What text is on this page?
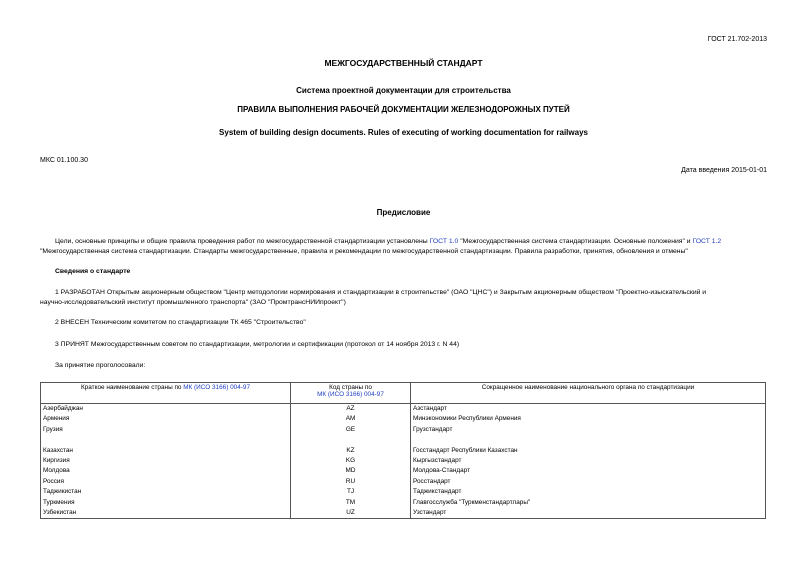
ГОСТ 21.702-2013
МЕЖГОСУДАРСТВЕННЫЙ СТАНДАРТ
Система проектной документации для строительства
ПРАВИЛА ВЫПОЛНЕНИЯ РАБОЧЕЙ ДОКУМЕНТАЦИИ ЖЕЛЕЗНОДОРОЖНЫХ ПУТЕЙ
System of building design documents. Rules of executing of working documentation for railways
МКС 01.100.30
Дата введения 2015-01-01
Предисловие
Цели, основные принципы и общие правила проведения работ по межгосударственной стандартизации установлены ГОСТ 1.0 "Межгосударственная система стандартизации. Основные положения" и ГОСТ 1.2
"Межгосударственная система стандартизации. Стандарты межгосударственные, правила и рекомендации по межгосударственной стандартизации. Правила разработки, принятия, обновления и отмены"
Сведения о стандарте
1 РАЗРАБОТАН Открытым акционерным обществом "Центр методологии нормирования и стандартизации в строительстве" (ОАО "ЦНС") и Закрытым акционерным обществом "Проектно-изыскательский и
научно-исследовательский институт промышленного транспорта" (ЗАО "ПромтрансНИИпроект")
2 ВНЕСЕН Техническим комитетом по стандартизации ТК 465 "Строительство"
3 ПРИНЯТ Межгосударственным советом по стандартизации, метрологии и сертификации (протокол от 14 ноября 2013 г. N 44)
За принятие проголосовали:
Краткое наименование страны по МК (ИСО 3166) 004-97	Код страны по
МК (ИСО 3166) 004-97	Сокращенное наименование национального органа по стандартизации
Азербайджан	AZ	Азстандарт
Армения	AM	Минэкономики Республики Армения
Грузия	GE	Грузстандарт

Казахстан	KZ	Госстандарт Республики Казахстан
Киргизия	KG	Кыргызстандарт
Молдова	MD	Молдова-Стандарт
Россия	RU	Росстандарт
Таджикистан	TJ	Таджикстандарт
Туркмения	TM	Главгосслужба "Туркменстандартлары"
Узбекистан	UZ	Узстандарт
